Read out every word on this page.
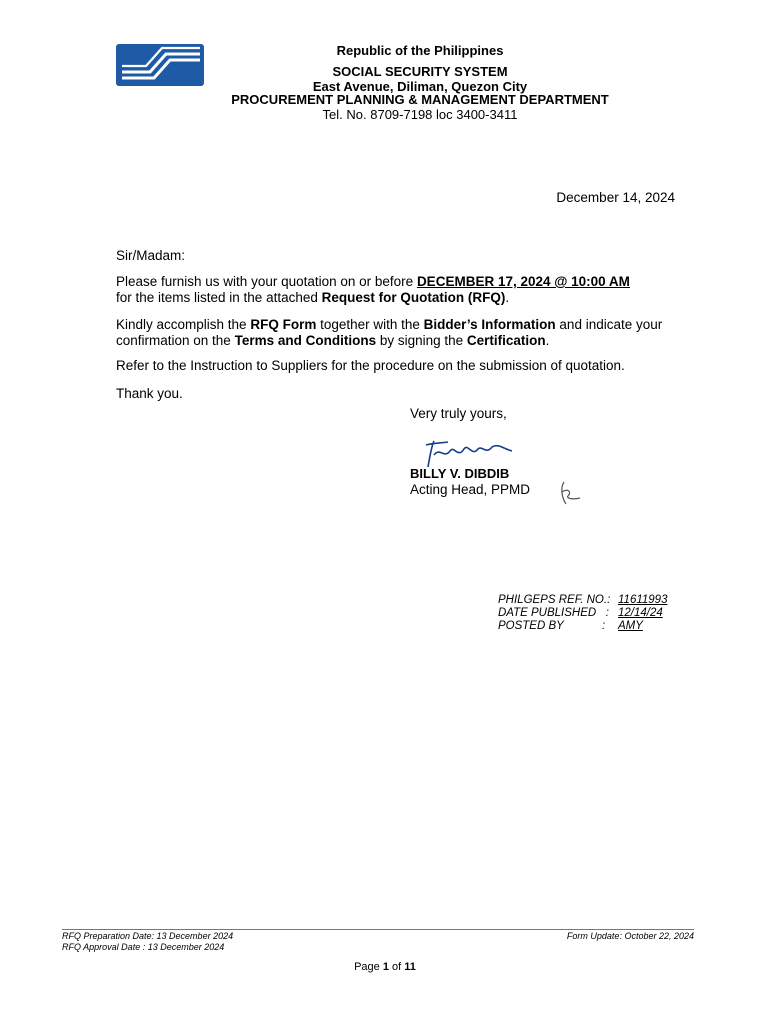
Republic of the Philippines
SOCIAL SECURITY SYSTEM
East Avenue, Diliman, Quezon City
PROCUREMENT PLANNING & MANAGEMENT DEPARTMENT
Tel. No. 8709-7198 loc 3400-3411
December 14, 2024
Sir/Madam:
Please furnish us with your quotation on or before DECEMBER 17, 2024 @ 10:00 AM
for the items listed in the attached Request for Quotation (RFQ).
Kindly accomplish the RFQ Form together with the Bidder’s Information and indicate your confirmation on the Terms and Conditions by signing the Certification.
Refer to the Instruction to Suppliers for the procedure on the submission of quotation.
Thank you.
Very truly yours,
BILLY V. DIBDIB
Acting Head, PPMD
PHILGEPS REF. NO.: 11611993
DATE PUBLISHED   : 12/14/24
POSTED BY            : AMY
RFQ Preparation Date: 13 December 2024
RFQ Approval Date : 13 December 2024
Form Update: October 22, 2024
Page 1 of 11
